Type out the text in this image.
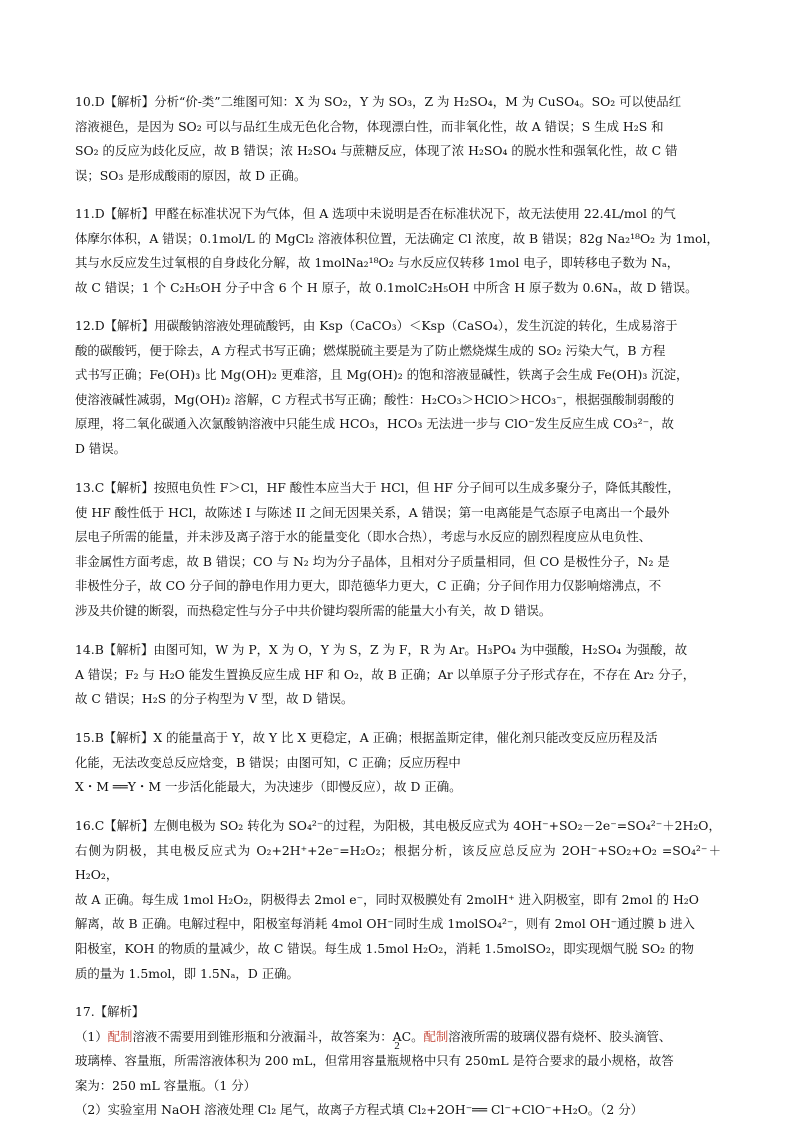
10.D【解析】分析“价-类”二维图可知：X 为 SO₂，Y 为 SO₃，Z 为 H₂SO₄，M 为 CuSO₄。SO₂ 可以使品红

溶液褪色，是因为 SO₂ 可以与品红生成无色化合物，体现漂白性，而非氧化性，故 A 错误；S 生成 H₂S 和

SO₂ 的反应为歧化反应，故 B 错误；浓 H₂SO₄ 与蔗糖反应，体现了浓 H₂SO₄ 的脱水性和强氧化性，故 C 错

误；SO₃ 是形成酸雨的原因，故 D 正确。

11.D【解析】甲醛在标准状况下为气体，但 A 选项中未说明是否在标准状况下，故无法使用 22.4L/mol 的气

体摩尔体积，A 错误；0.1mol/L 的 MgCl₂ 溶液体积位置，无法确定 Cl 浓度，故 B 错误；82g Na₂¹⁸O₂ 为 1mol，

其与水反应发生过氧根的自身歧化分解，故 1molNa₂¹⁸O₂ 与水反应仅转移 1mol 电子，即转移电子数为 Nₐ，

故 C 错误；1 个 C₂H₅OH 分子中含 6 个 H 原子，故 0.1molC₂H₅OH 中所含 H 原子数为 0.6Nₐ，故 D 错误。

12.D【解析】用碳酸钠溶液处理硫酸钙，由 Ksp（CaCO₃）＜Ksp（CaSO₄），发生沉淀的转化，生成易溶于

酸的碳酸钙，便于除去，A 方程式书写正确；燃煤脱硫主要是为了防止燃烧煤生成的 SO₂ 污染大气，B 方程

式书写正确；Fe(OH)₃ 比 Mg(OH)₂ 更难溶，且 Mg(OH)₂ 的饱和溶液显碱性，铁离子会生成 Fe(OH)₃ 沉淀，

使溶液碱性减弱，Mg(OH)₂ 溶解，C 方程式书写正确；酸性：H₂CO₃＞HClO＞HCO₃⁻，根据强酸制弱酸的

原理，将二氧化碳通入次氯酸钠溶液中只能生成 HCO₃，HCO₃ 无法进一步与 ClO⁻发生反应生成 CO₃²⁻，故

D 错误。

13.C【解析】按照电负性 F＞Cl，HF 酸性本应当大于 HCl，但 HF 分子间可以生成多聚分子，降低其酸性，

使 HF 酸性低于 HCl，故陈述 I 与陈述 II 之间无因果关系，A 错误；第一电离能是气态原子电离出一个最外

层电子所需的能量，并未涉及离子溶于水的能量变化（即水合热），考虑与水反应的剧烈程度应从电负性、

非金属性方面考虑，故 B 错误；CO 与 N₂ 均为分子晶体，且相对分子质量相同，但 CO 是极性分子，N₂ 是

非极性分子，故 CO 分子间的静电作用力更大，即范德华力更大，C 正确；分子间作用力仅影响熔沸点，不

涉及共价键的断裂，而热稳定性与分子中共价键均裂所需的能量大小有关，故 D 错误。

14.B【解析】由图可知，W 为 P，X 为 O，Y 为 S，Z 为 F，R 为 Ar。H₃PO₄ 为中强酸，H₂SO₄ 为强酸，故

A 错误；F₂ 与 H₂O 能发生置换反应生成 HF 和 O₂，故 B 正确；Ar 以单原子分子形式存在，不存在 Ar₂ 分子，

故 C 错误；H₂S 的分子构型为 V 型，故 D 错误。

15.B【解析】X 的能量高于 Y，故 Y 比 X 更稳定，A 正确；根据盖斯定律，催化剂只能改变反应历程及活

化能，无法改变总反应焓变，B 错误；由图可知，C 正确；反应历程中

X・M ══Y・M 一步活化能最大，为决速步（即慢反应），故 D 正确。

16.C【解析】左侧电极为 SO₂ 转化为 SO₄²⁻的过程，为阳极，其电极反应式为 4OH⁻+SO₂－2e⁻=SO₄²⁻＋2H₂O，

右侧为阴极，其电极反应式为 O₂+2H⁺+2e⁻=H₂O₂；根据分析，该反应总反应为 2OH⁻+SO₂+O₂ =SO₄²⁻＋H₂O₂，

故 A 正确。每生成 1mol H₂O₂，阴极得去 2mol e⁻，同时双极膜处有 2molH⁺ 进入阴极室，即有 2mol 的 H₂O

解离，故 B 正确。电解过程中，阳极室每消耗 4mol OH⁻同时生成 1molSO₄²⁻，则有 2mol OH⁻通过膜 b 进入

阳极室，KOH 的物质的量减少，故 C 错误。每生成 1.5mol H₂O₂，消耗 1.5molSO₂，即实现烟气脱 SO₂ 的物

质的量为 1.5mol，即 1.5Nₐ，D 正确。

17.【解析】

（1）配制溶液不需要用到锥形瓶和分液漏斗，故答案为：AC。配制溶液所需的玻璃仪器有烧杯、胶头滴管、

玻璃棒、容量瓶，所需溶液体积为 200 mL，但常用容量瓶规格中只有 250mL 是符合要求的最小规格，故答

案为：250 mL 容量瓶。（1 分）

（2）实验室用 NaOH 溶液处理 Cl₂ 尾气，故离子方程式填 Cl₂+2OH⁻══ Cl⁻+ClO⁻+H₂O。（2 分）

2
